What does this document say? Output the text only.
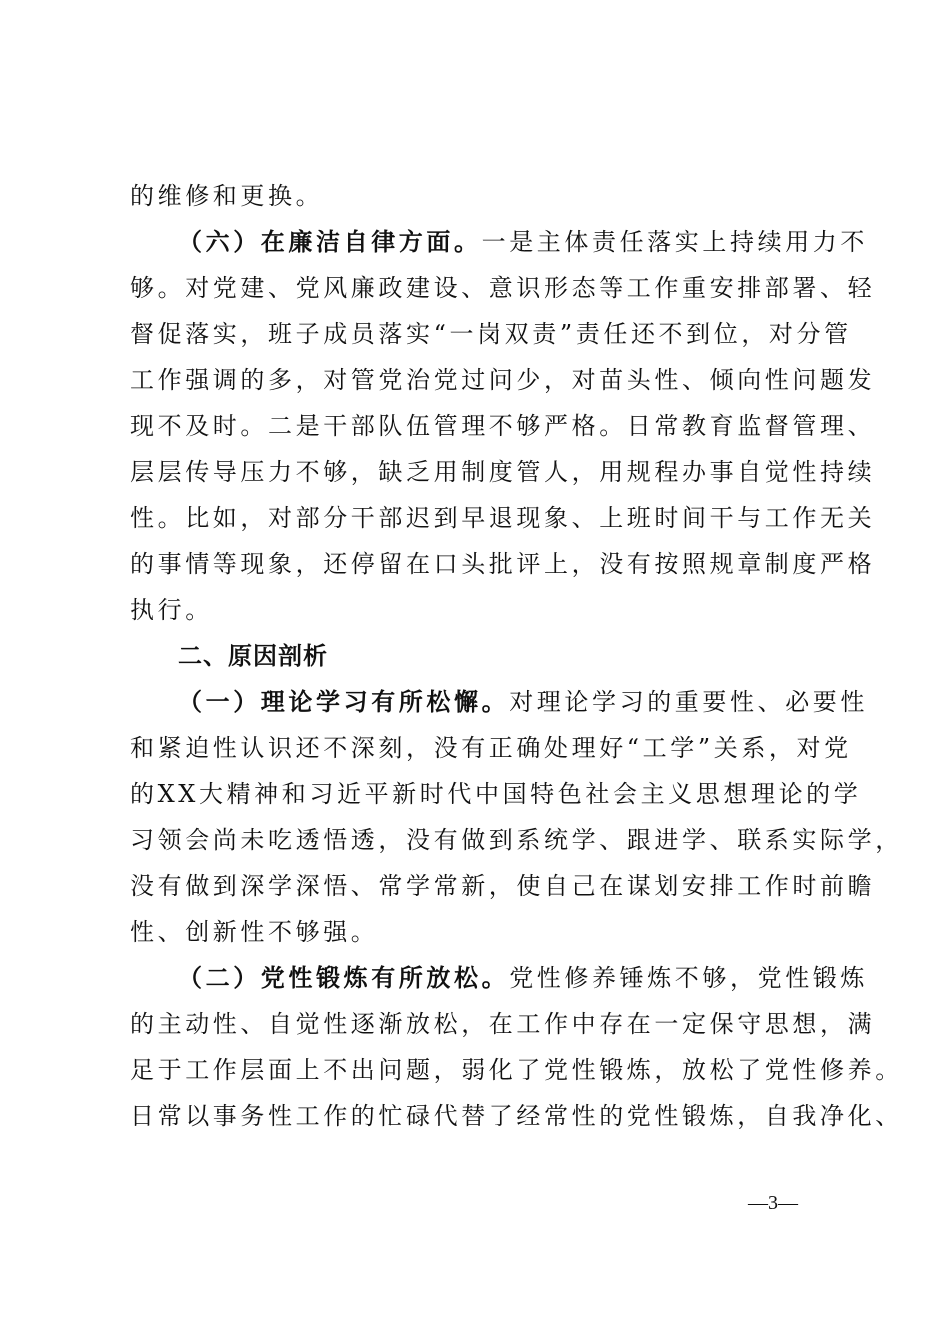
的维修和更换。
（六）在廉洁自律方面。一是主体责任落实上持续用力不
够。对党建、党风廉政建设、意识形态等工作重安排部署、轻
督促落实，班子成员落实“一岗双责”责任还不到位，对分管
工作强调的多，对管党治党过问少，对苗头性、倾向性问题发
现不及时。二是干部队伍管理不够严格。日常教育监督管理、
层层传导压力不够，缺乏用制度管人，用规程办事自觉性持续
性。比如，对部分干部迟到早退现象、上班时间干与工作无关
的事情等现象，还停留在口头批评上，没有按照规章制度严格
执行。
二、原因剖析
（一）理论学习有所松懈。对理论学习的重要性、必要性
和紧迫性认识还不深刻，没有正确处理好“工学”关系，对党
的XX大精神和习近平新时代中国特色社会主义思想理论的学
习领会尚未吃透悟透，没有做到系统学、跟进学、联系实际学，
没有做到深学深悟、常学常新，使自己在谋划安排工作时前瞻
性、创新性不够强。
（二）党性锻炼有所放松。党性修养锤炼不够，党性锻炼
的主动性、自觉性逐渐放松，在工作中存在一定保守思想，满
足于工作层面上不出问题，弱化了党性锻炼，放松了党性修养。
日常以事务性工作的忙碌代替了经常性的党性锻炼，自我净化、
—3—
